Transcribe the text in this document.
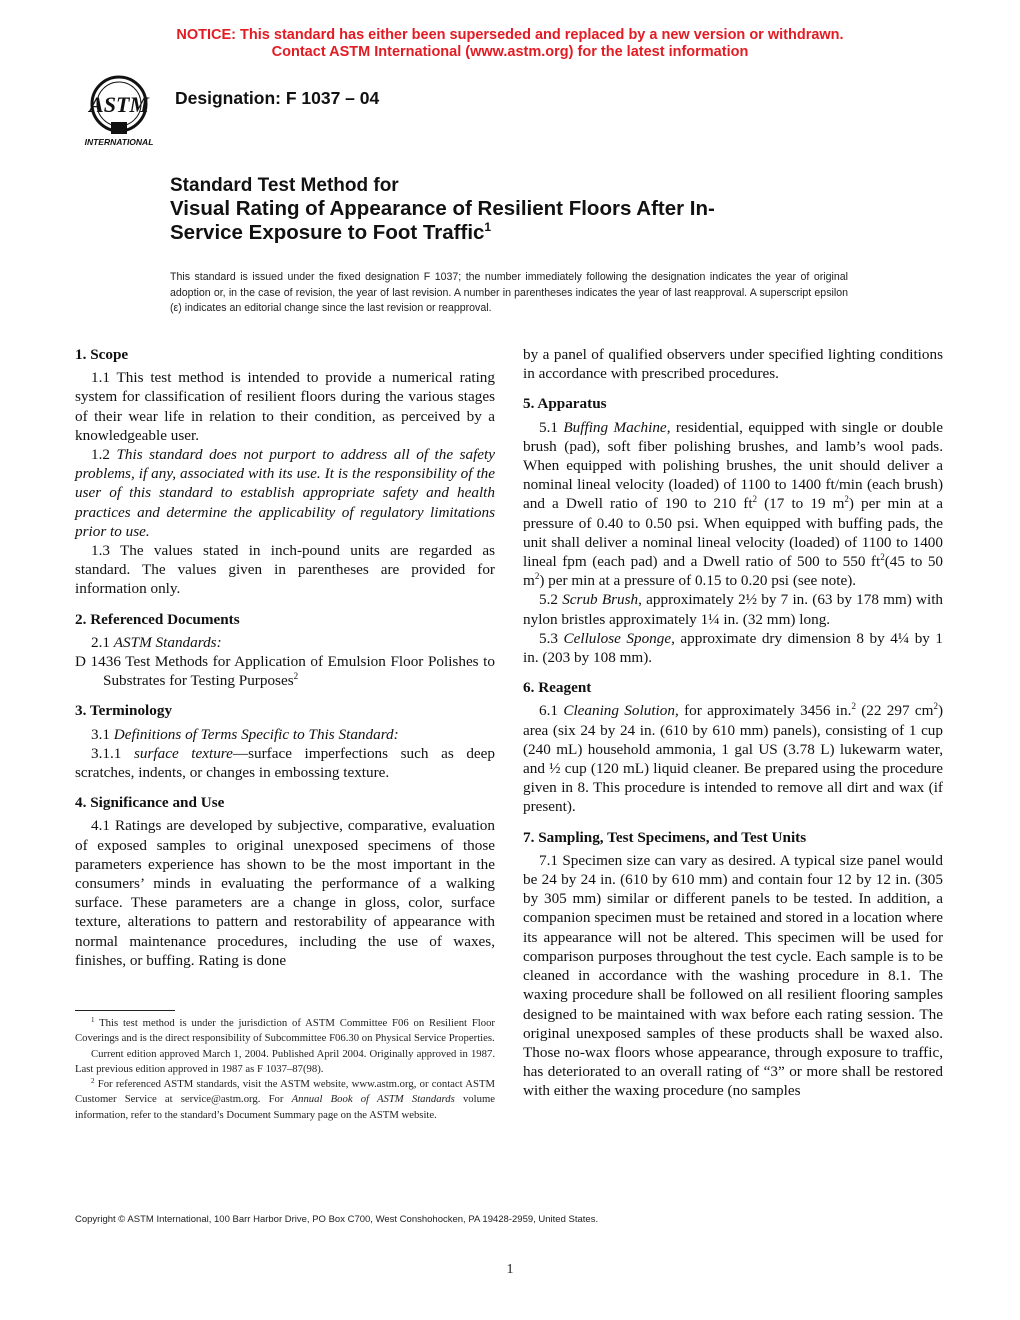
NOTICE: This standard has either been superseded and replaced by a new version or withdrawn.
Contact ASTM International (www.astm.org) for the latest information
ASTM
INTERNATIONAL
Designation: F 1037 – 04
Standard Test Method for
Visual Rating of Appearance of Resilient Floors After In-
Service Exposure to Foot Traffic$^1$
This standard is issued under the fixed designation F 1037; the number immediately following the designation indicates the year of original adoption or, in the case of revision, the year of last revision. A number in parentheses indicates the year of last reapproval. A superscript epsilon (ε) indicates an editorial change since the last revision or reapproval.
1. Scope

1.1 This test method is intended to provide a numerical rating system for classification of resilient floors during the various stages of their wear life in relation to their condition, as perceived by a knowledgeable user.

1.2 This standard does not purport to address all of the safety problems, if any, associated with its use. It is the responsibility of the user of this standard to establish appropriate safety and health practices and determine the applicability of regulatory limitations prior to use.

1.3 The values stated in inch-pound units are regarded as standard. The values given in parentheses are provided for information only.

2. Referenced Documents

2.1 ASTM Standards:

D 1436 Test Methods for Application of Emulsion Floor Polishes to Substrates for Testing Purposes$^2$

3. Terminology

3.1 Definitions of Terms Specific to This Standard:

3.1.1 surface texture—surface imperfections such as deep scratches, indents, or changes in embossing texture.

4. Significance and Use

4.1 Ratings are developed by subjective, comparative, evaluation of exposed samples to original unexposed specimens of those parameters experience has shown to be the most important in the consumers’ minds in evaluating the performance of a walking surface. These parameters are a change in gloss, color, surface texture, alterations to pattern and restorability of appearance with normal maintenance procedures, including the use of waxes, finishes, or buffing. Rating is done

$^1$ This test method is under the jurisdiction of ASTM Committee F06 on Resilient Floor Coverings and is the direct responsibility of Subcommittee F06.30 on Physical Service Properties.

Current edition approved March 1, 2004. Published April 2004. Originally approved in 1987. Last previous edition approved in 1987 as F 1037–87(98).

$^2$ For referenced ASTM standards, visit the ASTM website, www.astm.org, or contact ASTM Customer Service at service@astm.org. For Annual Book of ASTM Standards volume information, refer to the standard’s Document Summary page on the ASTM website.

by a panel of qualified observers under specified lighting conditions in accordance with prescribed procedures.

5. Apparatus

5.1 Buffing Machine, residential, equipped with single or double brush (pad), soft fiber polishing brushes, and lamb’s wool pads. When equipped with polishing brushes, the unit should deliver a nominal lineal velocity (loaded) of 1100 to 1400 ft/min (each brush) and a Dwell ratio of 190 to 210 $ft^2$ (17 to 19 $m^2$) per min at a pressure of 0.40 to 0.50 psi. When equipped with buffing pads, the unit shall deliver a nominal lineal velocity (loaded) of 1100 to 1400 lineal fpm (each pad) and a Dwell ratio of 500 to 550 $ft^2(45$ to 50 $m^2$) per min at a pressure of 0.15 to 0.20 psi (see note).

5.2 Scrub Brush, approximately 2½ by 7 in. (63 by 178 mm) with nylon bristles approximately 1¼ in. (32 mm) long.

5.3 Cellulose Sponge, approximate dry dimension 8 by 4¼ by 1 in. (203 by 108 mm).

6. Reagent

6.1 Cleaning Solution, for approximately 3456 in.$^2$ (22 297 $cm^2$) area (six 24 by 24 in. (610 by 610 mm) panels), consisting of 1 cup (240 mL) household ammonia, 1 gal US (3.78 L) lukewarm water, and ½ cup (120 mL) liquid cleaner. Be prepared using the procedure given in 8. This procedure is intended to remove all dirt and wax (if present).

7. Sampling, Test Specimens, and Test Units

7.1 Specimen size can vary as desired. A typical size panel would be 24 by 24 in. (610 by 610 mm) and contain four 12 by 12 in. (305 by 305 mm) similar or different panels to be tested. In addition, a companion specimen must be retained and stored in a location where its appearance will not be altered. This specimen will be used for comparison purposes throughout the test cycle. Each sample is to be cleaned in accordance with the washing procedure in 8.1. The waxing procedure shall be followed on all resilient flooring samples designed to be maintained with wax before each rating session. The original unexposed samples of these products shall be waxed also. Those no-wax floors whose appearance, through exposure to traffic, has deteriorated to an overall rating of “3” or more shall be restored with either the waxing procedure (no samples

Copyright © ASTM International, 100 Barr Harbor Drive, PO Box C700, West Conshohocken, PA 19428-2959, United States.
1
